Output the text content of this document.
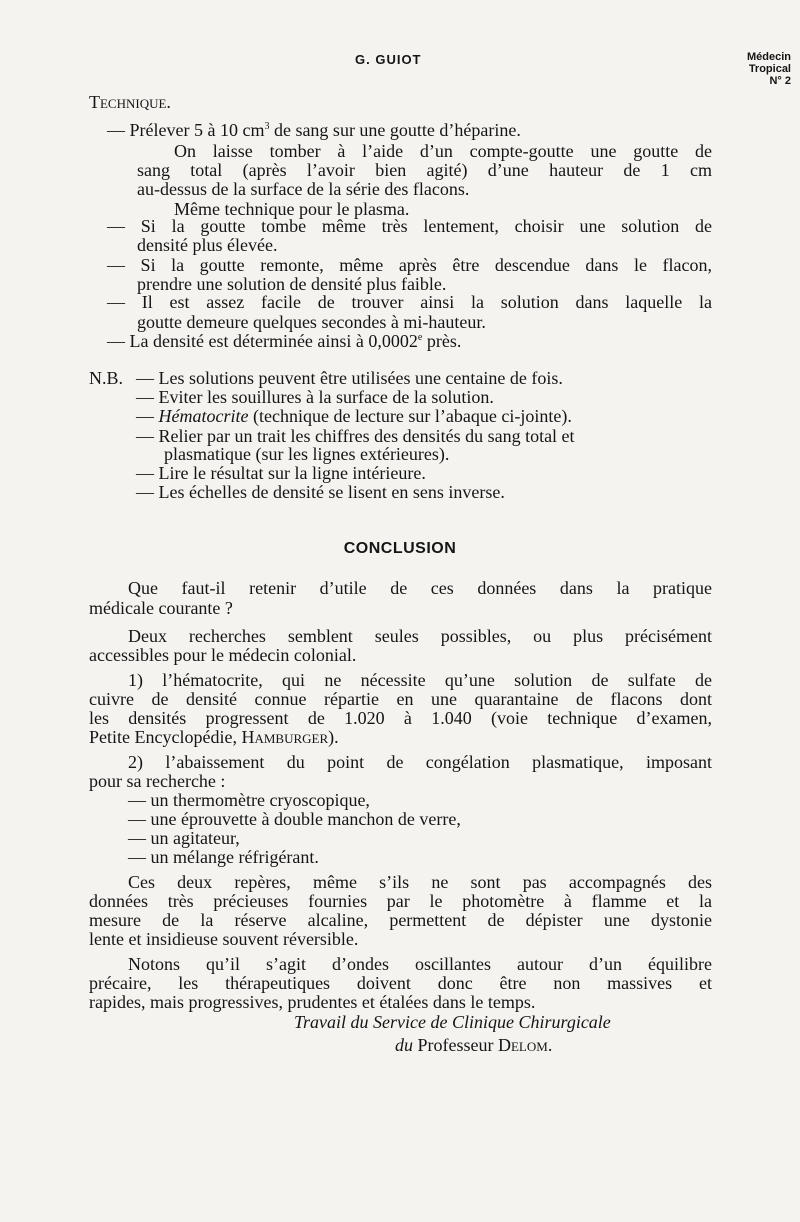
G. GUIOT	Médecin
Tropical
N° 2
Technique.
— Prélever 5 à 10 $cm^3$ de sang sur une goutte d’héparine.
On laisse tomber à l’aide d’un compte-goutte une goutte de
sang total (après l’avoir bien agité) d’une hauteur de 1 cm
au-dessus de la surface de la série des flacons.
Même technique pour le plasma.
— Si la goutte tombe même très lentement, choisir une solution de
densité plus élevée.
— Si la goutte remonte, même après être descendue dans le flacon,
prendre une solution de densité plus faible.
— Il est assez facile de trouver ainsi la solution dans laquelle la
goutte demeure quelques secondes à mi-hauteur.
— La densité est déterminée ainsi à 0,0002e près.
N.B. — Les solutions peuvent être utilisées une centaine de fois.
— Eviter les souillures à la surface de la solution.
— Hématocrite (technique de lecture sur l’abaque ci-jointe).
— Relier par un trait les chiffres des densités du sang total et
plasmatique (sur les lignes extérieures).
— Lire le résultat sur la ligne intérieure.
— Les échelles de densité se lisent en sens inverse.
CONCLUSION
Que faut-il retenir d’utile de ces données dans la pratique
médicale courante ?
Deux recherches semblent seules possibles, ou plus précisément
accessibles pour le médecin colonial.
1) l’hématocrite, qui ne nécessite qu’une solution de sulfate de
cuivre de densité connue répartie en une quarantaine de flacons dont
les densités progressent de 1.020 à 1.040 (voie technique d’examen,
Petite Encyclopédie, Hamburger).
2) l’abaissement du point de congélation plasmatique, imposant
pour sa recherche :
— un thermomètre cryoscopique,
— une éprouvette à double manchon de verre,
— un agitateur,
— un mélange réfrigérant.
Ces deux repères, même s’ils ne sont pas accompagnés des
données très précieuses fournies par le photomètre à flamme et la
mesure de la réserve alcaline, permettent de dépister une dystonie
lente et insidieuse souvent réversible.
Notons qu’il s’agit d’ondes oscillantes autour d’un équilibre
précaire, les thérapeutiques doivent donc être non massives et
rapides, mais progressives, prudentes et étalées dans le temps.
Travail du Service de Clinique Chirurgicale
du Professeur Delom.
